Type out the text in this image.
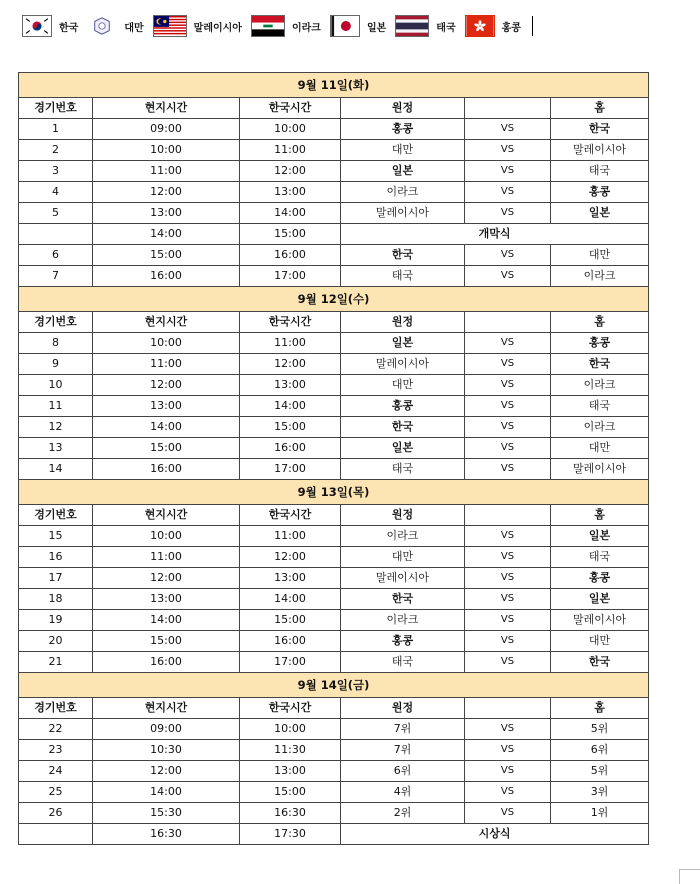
한국	대만	말레이시아	이라크	일본	태국	홍콩
9월 11일(화)					
경기번호	현지시간	한국시간	원정		홈
1	09:00	10:00	홍콩	VS	한국
2	10:00	11:00	대만	VS	말레이시아
3	11:00	12:00	일본	VS	태국
4	12:00	13:00	이라크	VS	홍콩
5	13:00	14:00	말레이시아	VS	일본
	14:00	15:00	개막식		
6	15:00	16:00	한국	VS	대만
7	16:00	17:00	태국	VS	이라크
9월 12일(수)					
경기번호	현지시간	한국시간	원정		홈
8	10:00	11:00	일본	VS	홍콩
9	11:00	12:00	말레이시아	VS	한국
10	12:00	13:00	대만	VS	이라크
11	13:00	14:00	홍콩	VS	태국
12	14:00	15:00	한국	VS	이라크
13	15:00	16:00	일본	VS	대만
14	16:00	17:00	태국	VS	말레이시아
9월 13일(목)					
경기번호	현지시간	한국시간	원정		홈
15	10:00	11:00	이라크	VS	일본
16	11:00	12:00	대만	VS	태국
17	12:00	13:00	말레이시아	VS	홍콩
18	13:00	14:00	한국	VS	일본
19	14:00	15:00	이라크	VS	말레이시아
20	15:00	16:00	홍콩	VS	대만
21	16:00	17:00	태국	VS	한국
9월 14일(금)					
경기번호	현지시간	한국시간	원정		홈
22	09:00	10:00	7위	VS	5위
23	10:30	11:30	7위	VS	6위
24	12:00	13:00	6위	VS	5위
25	14:00	15:00	4위	VS	3위
26	15:30	16:30	2위	VS	1위
	16:30	17:30	시상식		
